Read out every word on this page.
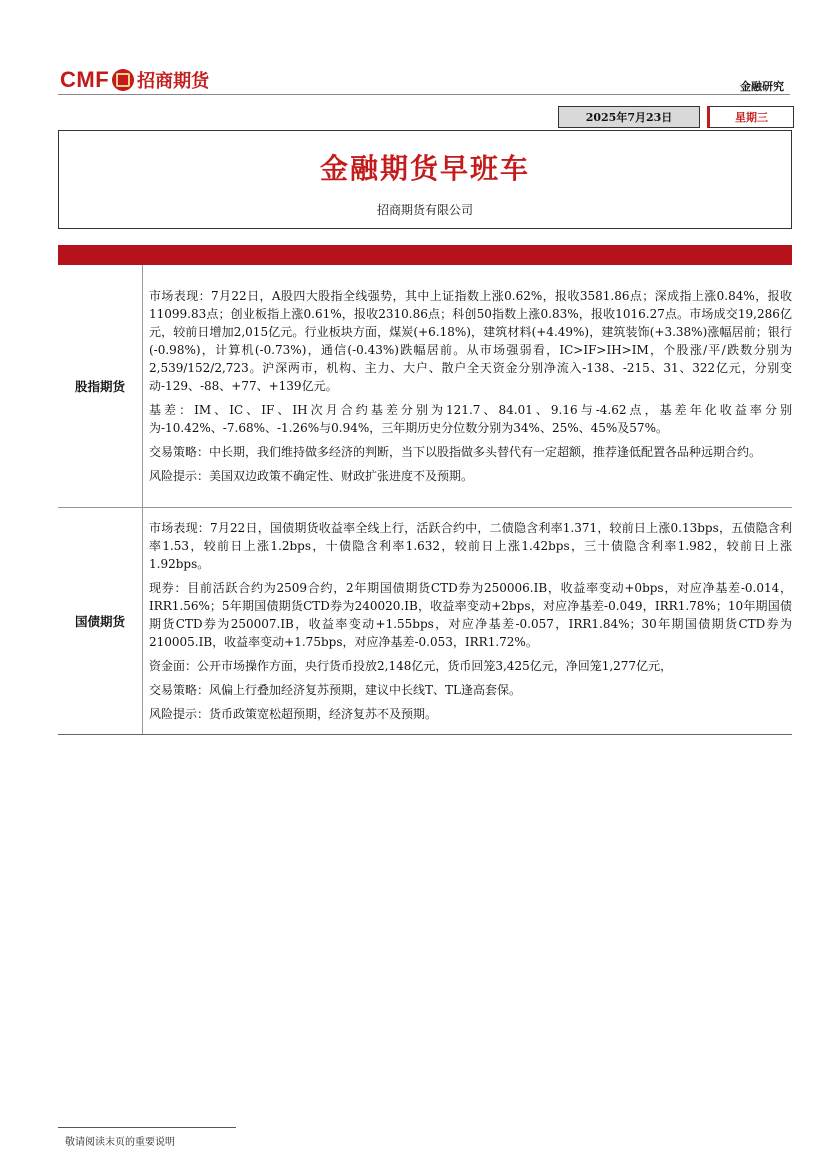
CMF 招商期货	金融研究
2025年7月23日	星期三
金融期货早班车
招商期货有限公司
股指期货	市场表现：7月22日，A股四大股指全线强势，其中上证指数上涨0.62%，报收3581.86点；深成指上涨0.84%，报收11099.83点；创业板指上涨0.61%，报收2310.86点；科创50指数上涨0.83%，报收1016.27点。市场成交19,286亿元，较前日增加2,015亿元。行业板块方面，煤炭(+6.18%)，建筑材料(+4.49%)，建筑装饰(+3.38%)涨幅居前；银行(-0.98%)，计算机(-0.73%)，通信(-0.43%)跌幅居前。从市场强弱看，IC>IF>IH>IM，个股涨/平/跌数分别为2,539/152/2,723。沪深两市，机构、主力、大户、散户全天资金分别净流入-138、-215、31、322亿元，分别变动-129、-88、+77、+139亿元。

基差：IM、IC、IF、IH次月合约基差分别为121.7、84.01、9.16与-4.62点，基差年化收益率分别为-10.42%、-7.68%、-1.26%与0.94%，三年期历史分位数分别为34%、25%、45%及57%。

交易策略：中长期，我们维持做多经济的判断，当下以股指做多头替代有一定超额，推荐逢低配置各品种远期合约。

风险提示：美国双边政策不确定性、财政扩张进度不及预期。

国债期货	市场表现：7月22日，国债期货收益率全线上行，活跃合约中，二债隐含利率1.371，较前日上涨0.13bps，五债隐含利率1.53，较前日上涨1.2bps，十债隐含利率1.632，较前日上涨1.42bps，三十债隐含利率1.982，较前日上涨1.92bps。

现券：目前活跃合约为2509合约，2年期国债期货CTD券为250006.IB，收益率变动+0bps，对应净基差-0.014，IRR1.56%；5年期国债期货CTD券为240020.IB，收益率变动+2bps，对应净基差-0.049，IRR1.78%；10年期国债期货CTD券为250007.IB，收益率变动+1.55bps，对应净基差-0.057，IRR1.84%；30年期国债期货CTD券为210005.IB，收益率变动+1.75bps，对应净基差-0.053，IRR1.72%。

资金面：公开市场操作方面，央行货币投放2,148亿元，货币回笼3,425亿元，净回笼1,277亿元，

交易策略：风偏上行叠加经济复苏预期，建议中长线T、TL逢高套保。

风险提示：货币政策宽松超预期，经济复苏不及预期。

敬请阅读末页的重要说明
